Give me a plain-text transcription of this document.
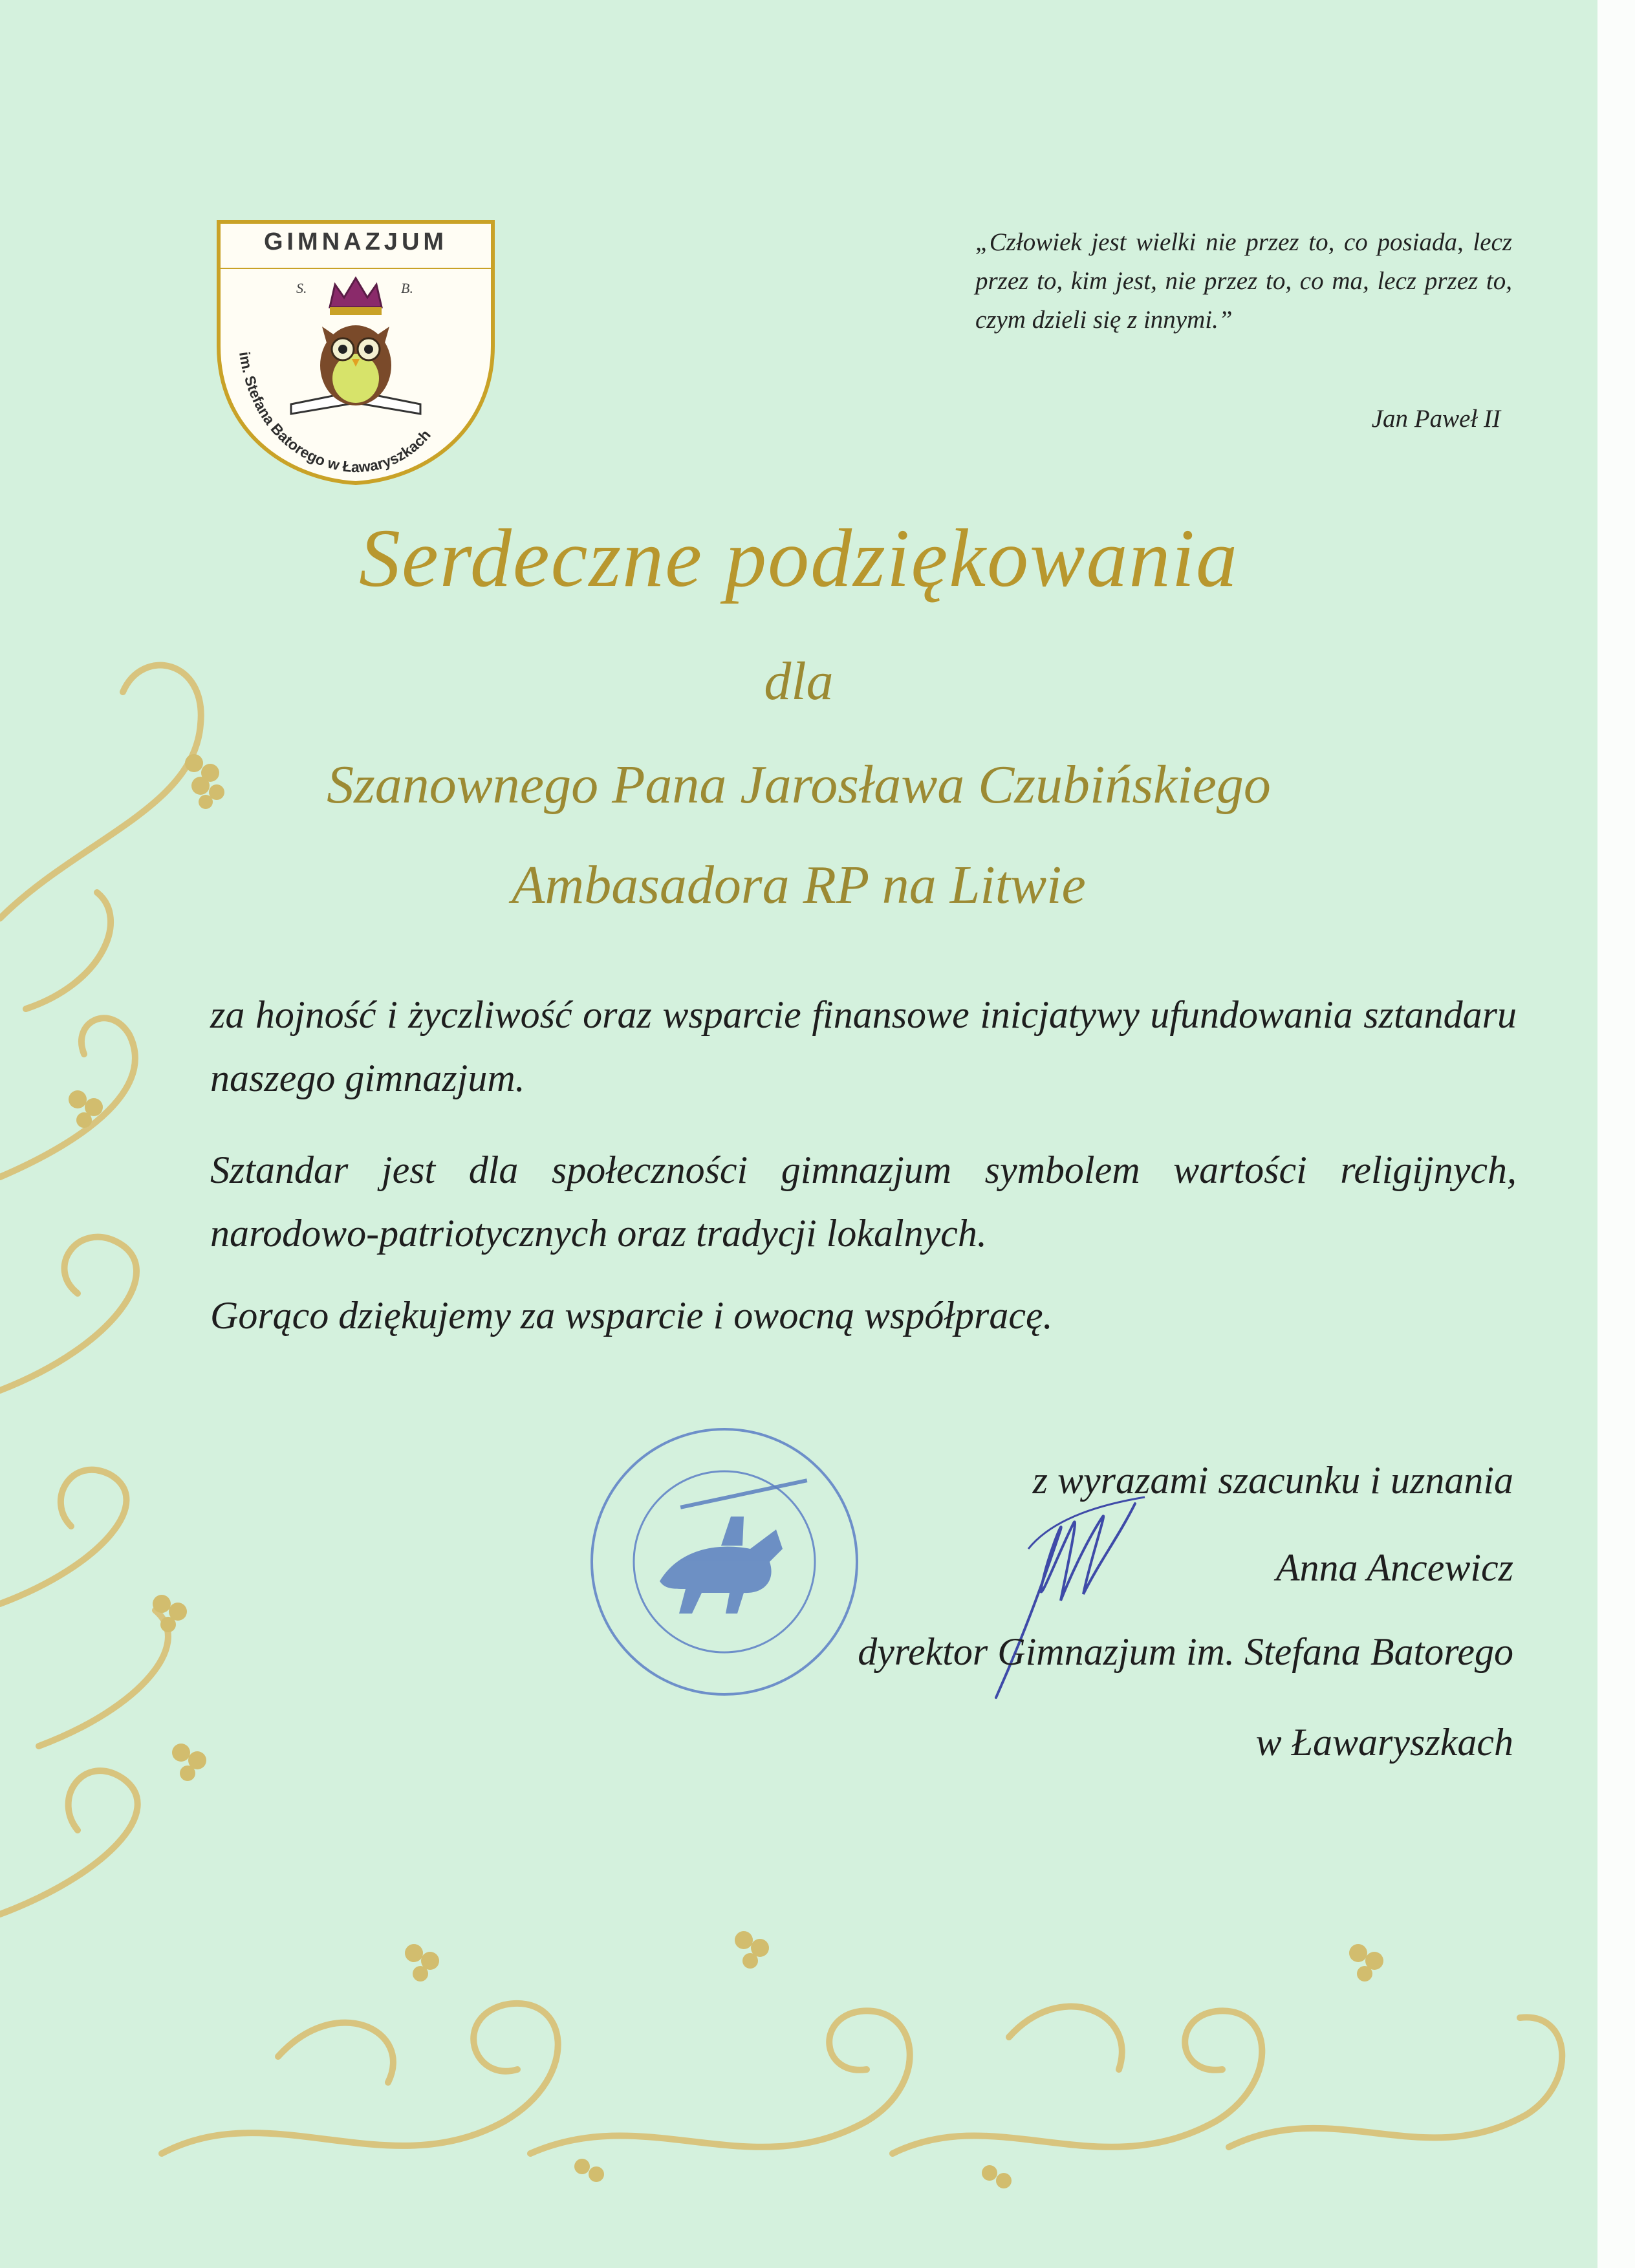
GIMNAZJUM
S.	B.
im. Stefana Batorego w Ławaryszkach
„Człowiek jest wielki nie przez to, co posiada, lecz przez to, kim jest, nie przez to, co ma, lecz przez to, czym dzieli się z innymi.”
Jan Paweł II
Serdeczne podziękowania
dla
Szanownego Pana Jarosława Czubińskiego
Ambasadora RP na Litwie
za hojność i życzliwość oraz wsparcie finansowe inicjatywy ufundowania sztandaru naszego gimnazjum.
Sztandar jest dla społeczności gimnazjum symbolem wartości religijnych, narodowo-patriotycznych oraz tradycji lokalnych.
Gorąco dziękujemy za wsparcie i owocną współpracę.
z wyrazami szacunku i uznania
Anna Ancewicz
dyrektor Gimnazjum im. Stefana Batorego
w Ławaryszkach
